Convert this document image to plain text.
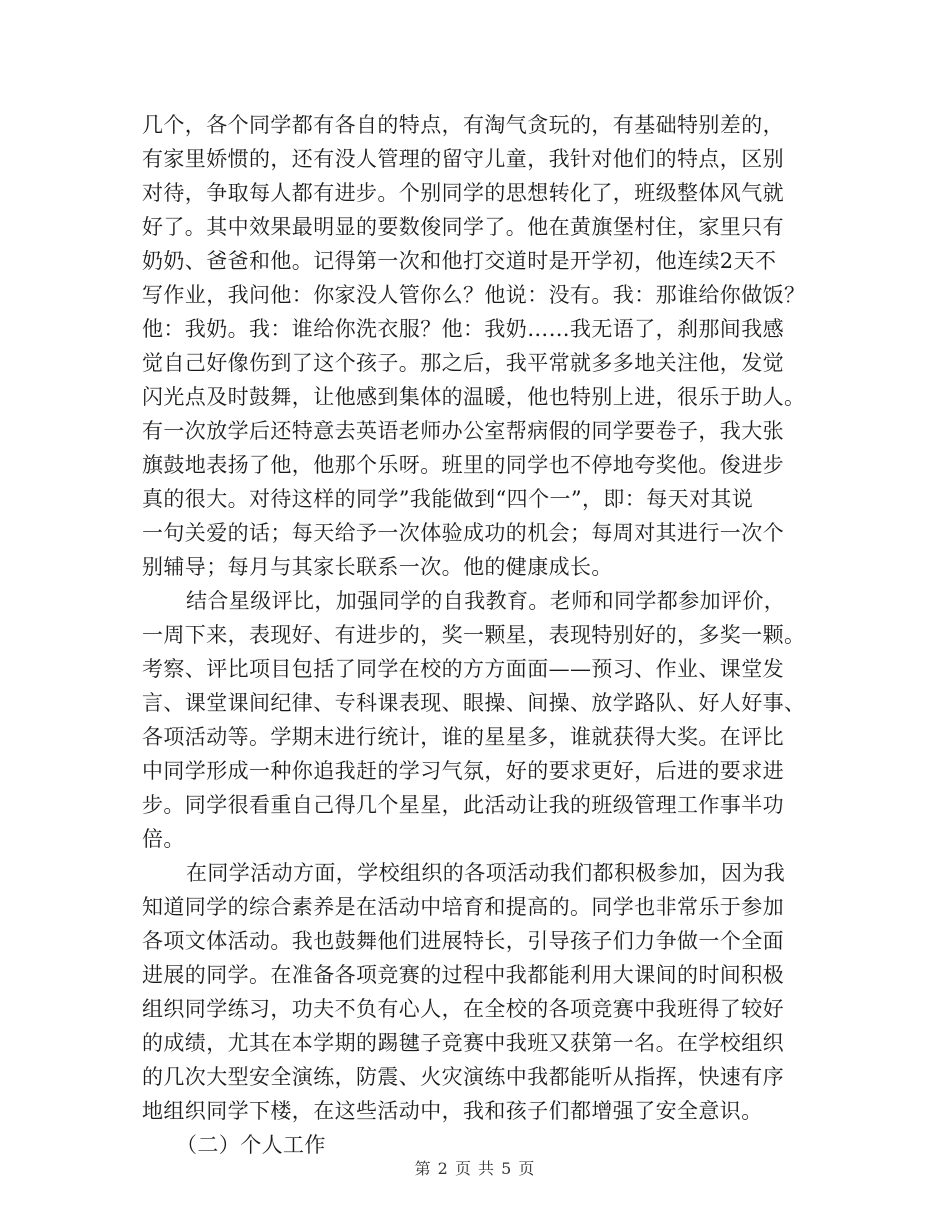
几个，各个同学都有各自的特点，有淘气贪玩的，有基础特别差的，
有家里娇惯的，还有没人管理的留守儿童，我针对他们的特点，区别
对待，争取每人都有进步。个别同学的思想转化了，班级整体风气就
好了。其中效果最明显的要数俊同学了。他在黄旗堡村住，家里只有
奶奶、爸爸和他。记得第一次和他打交道时是开学初，他连续2天不
写作业，我问他：你家没人管你么？他说：没有。我：那谁给你做饭？
他：我奶。我：谁给你洗衣服？他：我奶……我无语了，刹那间我感
觉自己好像伤到了这个孩子。那之后，我平常就多多地关注他，发觉
闪光点及时鼓舞，让他感到集体的温暖，他也特别上进，很乐于助人。
有一次放学后还特意去英语老师办公室帮病假的同学要卷子，我大张
旗鼓地表扬了他，他那个乐呀。班里的同学也不停地夸奖他。俊进步
真的很大。对待这样的同学”我能做到“四个一”，即：每天对其说
一句关爱的话；每天给予一次体验成功的机会；每周对其进行一次个
别辅导；每月与其家长联系一次。他的健康成长。
结合星级评比，加强同学的自我教育。老师和同学都参加评价，
一周下来，表现好、有进步的，奖一颗星，表现特别好的，多奖一颗。
考察、评比项目包括了同学在校的方方面面——预习、作业、课堂发
言、课堂课间纪律、专科课表现、眼操、间操、放学路队、好人好事、
各项活动等。学期末进行统计，谁的星星多，谁就获得大奖。在评比
中同学形成一种你追我赶的学习气氛，好的要求更好，后进的要求进
步。同学很看重自己得几个星星，此活动让我的班级管理工作事半功
倍。
在同学活动方面，学校组织的各项活动我们都积极参加，因为我
知道同学的综合素养是在活动中培育和提高的。同学也非常乐于参加
各项文体活动。我也鼓舞他们进展特长，引导孩子们力争做一个全面
进展的同学。在准备各项竞赛的过程中我都能利用大课间的时间积极
组织同学练习，功夫不负有心人，在全校的各项竞赛中我班得了较好
的成绩，尤其在本学期的踢毽子竞赛中我班又获第一名。在学校组织
的几次大型安全演练，防震、火灾演练中我都能听从指挥，快速有序
地组织同学下楼，在这些活动中，我和孩子们都增强了安全意识。
（二）个人工作
第 2 页 共 5 页
